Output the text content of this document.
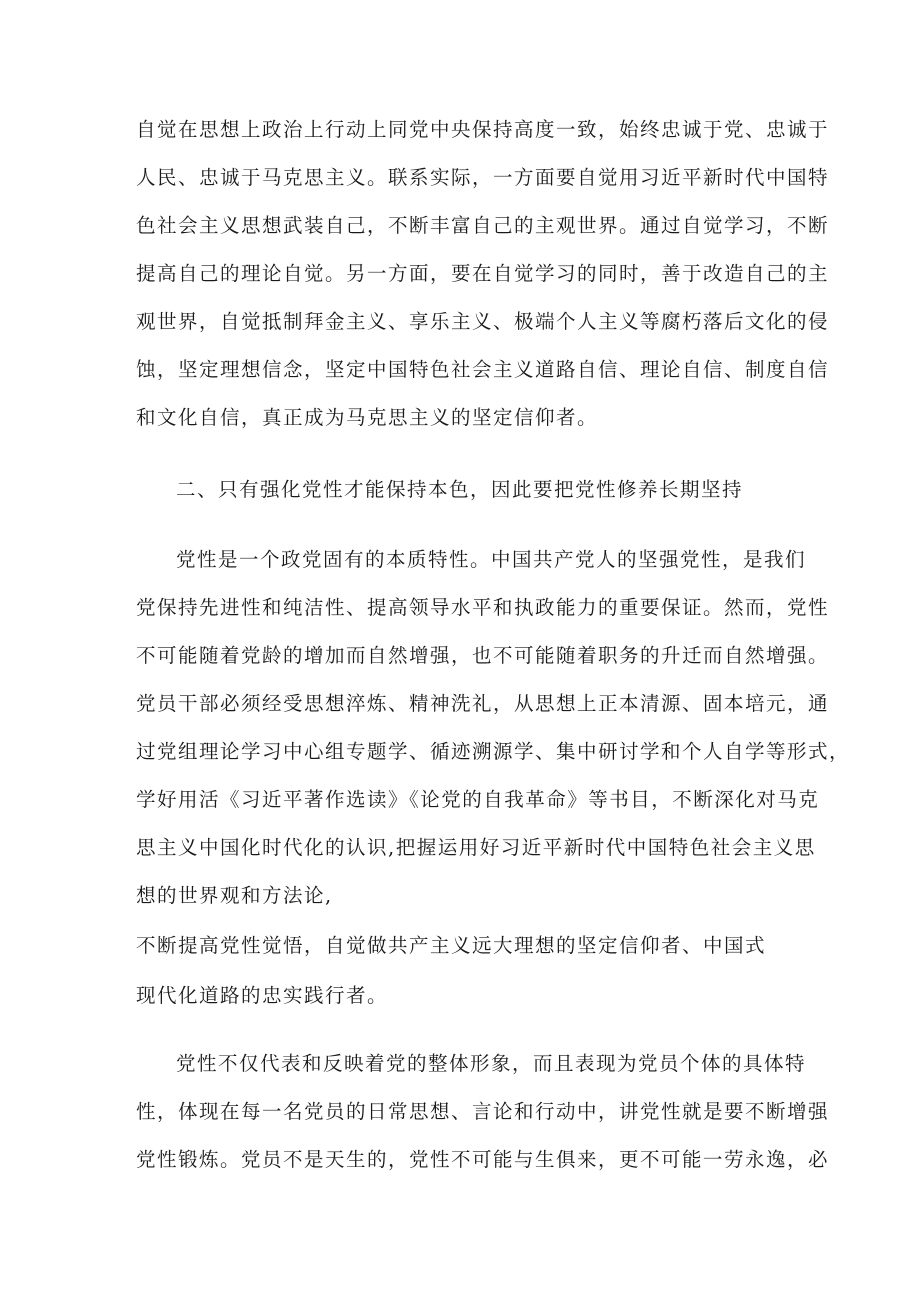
自觉在思想上政治上行动上同党中央保持高度一致，始终忠诚于党、忠诚于
人民、忠诚于马克思主义。联系实际，一方面要自觉用习近平新时代中国特
色社会主义思想武装自己，不断丰富自己的主观世界。通过自觉学习，不断
提高自己的理论自觉。另一方面，要在自觉学习的同时，善于改造自己的主
观世界，自觉抵制拜金主义、享乐主义、极端个人主义等腐朽落后文化的侵
蚀，坚定理想信念，坚定中国特色社会主义道路自信、理论自信、制度自信
和文化自信，真正成为马克思主义的坚定信仰者。
二、只有强化党性才能保持本色，因此要把党性修养长期坚持
党性是一个政党固有的本质特性。中国共产党人的坚强党性，是我们
党保持先进性和纯洁性、提高领导水平和执政能力的重要保证。然而，党性
不可能随着党龄的增加而自然增强，也不可能随着职务的升迁而自然增强。
党员干部必须经受思想淬炼、精神洗礼，从思想上正本清源、固本培元，通
过党组理论学习中心组专题学、循迹溯源学、集中研讨学和个人自学等形式，
学好用活《习近平著作选读》《论党的自我革命》等书目，不断深化对马克
思主义中国化时代化的认识,把握运用好习近平新时代中国特色社会主义思
想的世界观和方法论,
不断提高党性觉悟，自觉做共产主义远大理想的坚定信仰者、中国式
现代化道路的忠实践行者。
党性不仅代表和反映着党的整体形象，而且表现为党员个体的具体特
性，体现在每一名党员的日常思想、言论和行动中，讲党性就是要不断增强
党性锻炼。党员不是天生的，党性不可能与生俱来，更不可能一劳永逸，必
